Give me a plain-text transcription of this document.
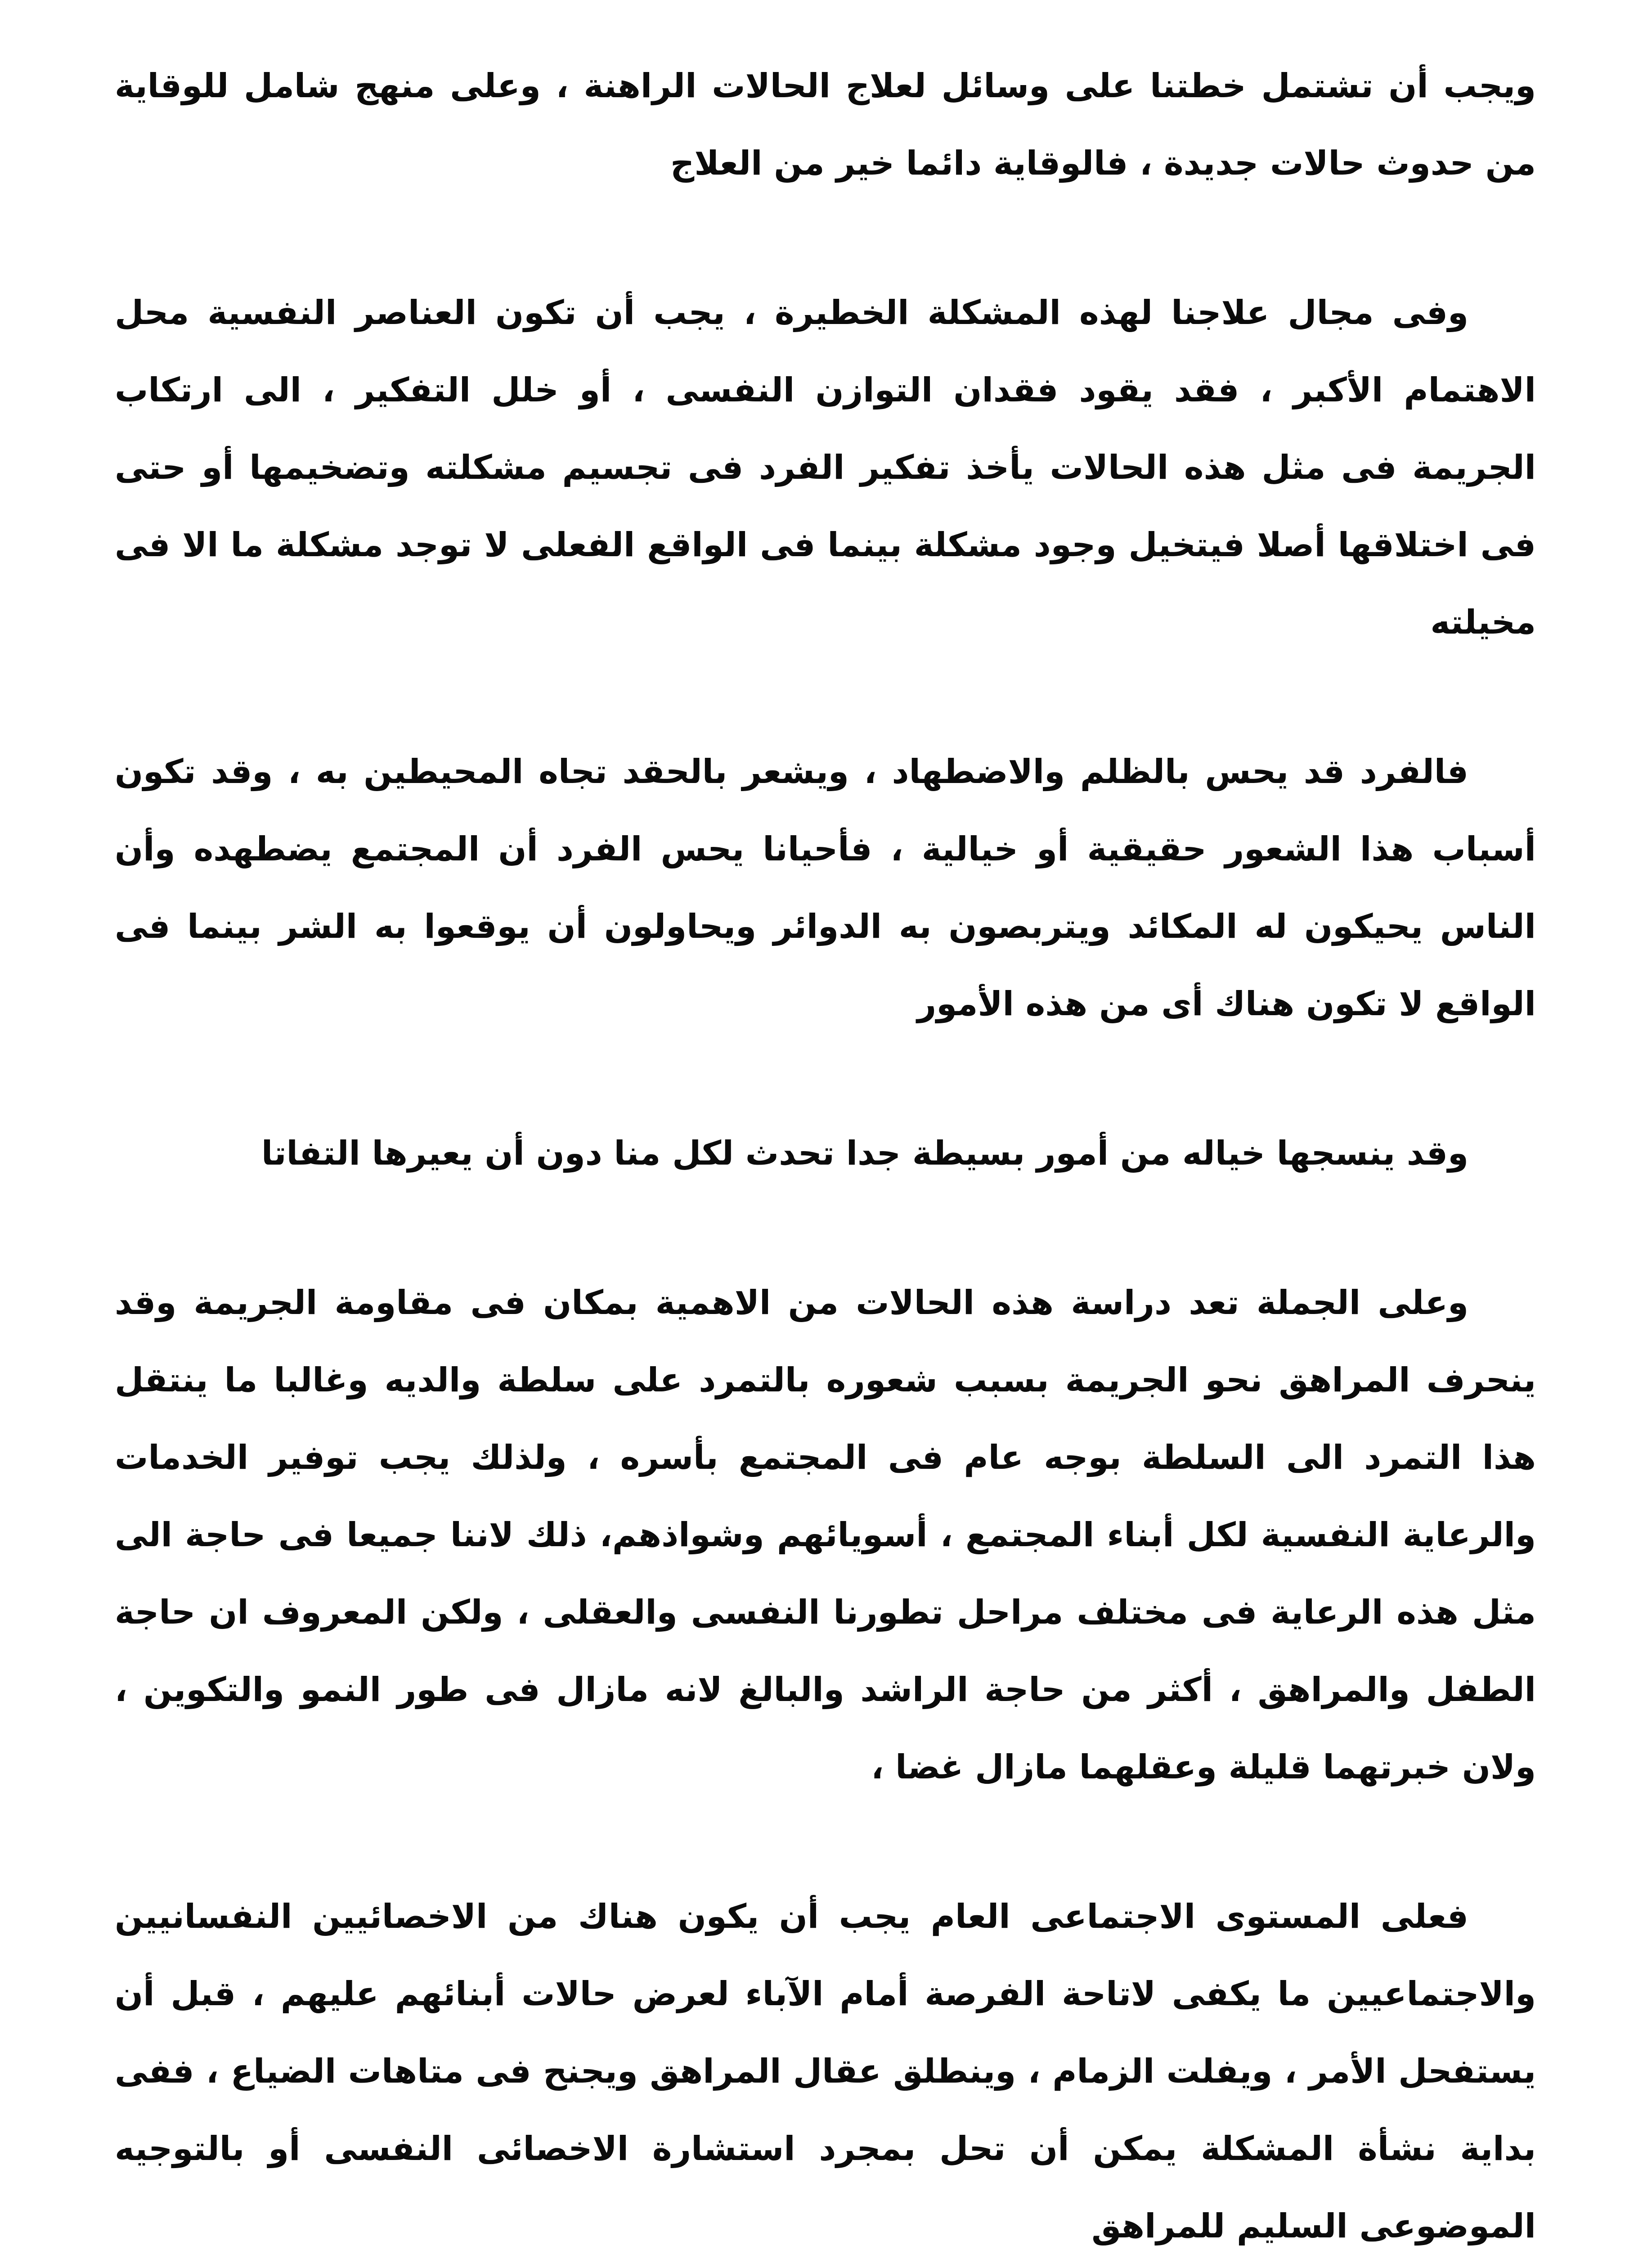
ويجب أن تشتمل خطتنا على وسائل لعلاج الحالات الراهنة ، وعلى منهج شامل للوقاية من حدوث حالات جديدة ، فالوقاية دائما خير من العلاج

وفى مجال علاجنا لهذه المشكلة الخطيرة ، يجب أن تكون العناصر النفسية محل الاهتمام الأكبر ، فقد يقود فقدان التوازن النفسى ، أو خلل التفكير ، الى ارتكاب الجريمة فى مثل هذه الحالات يأخذ تفكير الفرد فى تجسيم مشكلته وتضخيمها أو حتى فى اختلاقها أصلا فيتخيل وجود مشكلة بينما فى الواقع الفعلى لا توجد مشكلة ما الا فى مخيلته

فالفرد قد يحس بالظلم والاضطهاد ، ويشعر بالحقد تجاه المحيطين به ، وقد تكون أسباب هذا الشعور حقيقية أو خيالية ، فأحيانا يحس الفرد أن المجتمع يضطهده وأن الناس يحيكون له المكائد ويتربصون به الدوائر ويحاولون أن يوقعوا به الشر بينما فى الواقع لا تكون هناك أى من هذه الأمور

وقد ينسجها خياله من أمور بسيطة جدا تحدث لكل منا دون أن يعيرها التفاتا

وعلى الجملة تعد دراسة هذه الحالات من الاهمية بمكان فى مقاومة الجريمة وقد ينحرف المراهق نحو الجريمة بسبب شعوره بالتمرد على سلطة والديه وغالبا ما ينتقل هذا التمرد الى السلطة بوجه عام فى المجتمع بأسره ، ولذلك يجب توفير الخدمات والرعاية النفسية لكل أبناء المجتمع ، أسويائهم وشواذهم، ذلك لاننا جميعا فى حاجة الى مثل هذه الرعاية فى مختلف مراحل تطورنا النفسى والعقلى ، ولكن المعروف ان حاجة الطفل والمراهق ، أكثر من حاجة الراشد والبالغ لانه مازال فى طور النمو والتكوين ، ولان خبرتهما قليلة وعقلهما مازال غضا ،

فعلى المستوى الاجتماعى العام يجب أن يكون هناك من الاخصائيين النفسانيين والاجتماعيين ما يكفى لاتاحة الفرصة أمام الآباء لعرض حالات أبنائهم عليهم ، قبل أن يستفحل الأمر ، ويفلت الزمام ، وينطلق عقال المراهق ويجنح فى متاهات الضياع ، ففى بداية نشأة المشكلة يمكن أن تحل بمجرد استشارة الاخصائى النفسى أو بالتوجيه الموضوعى السليم للمراهق
